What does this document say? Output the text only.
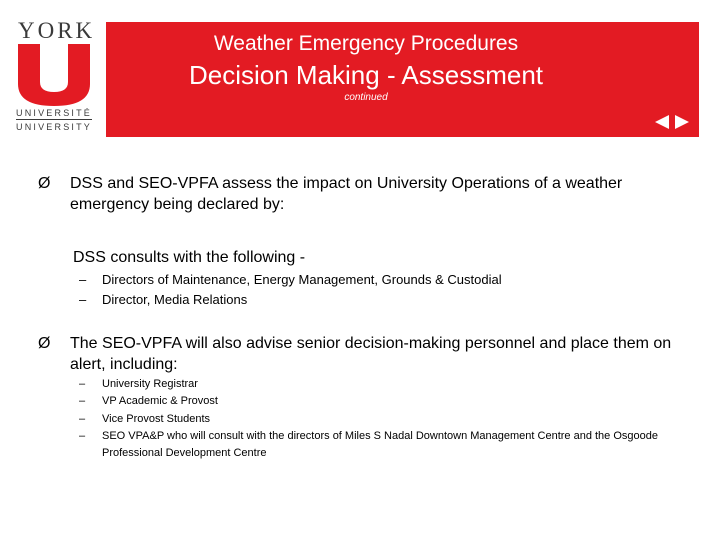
YORK
UNIVERSITÉ
UNIVERSITY
Weather Emergency Procedures
Decision Making - Assessment
continued
Ø DSS and SEO-VPFA assess the impact on University Operations of a weather emergency being declared by:
DSS consults with the following -
– Directors of Maintenance, Energy Management, Grounds & Custodial
– Director, Media Relations
Ø The SEO-VPFA will also advise senior decision-making personnel and place them on alert, including:
– University Registrar
– VP Academic & Provost
– Vice Provost Students
– SEO VPA&P who will consult with the directors of Miles S Nadal Downtown Management Centre and the Osgoode Professional Development Centre
